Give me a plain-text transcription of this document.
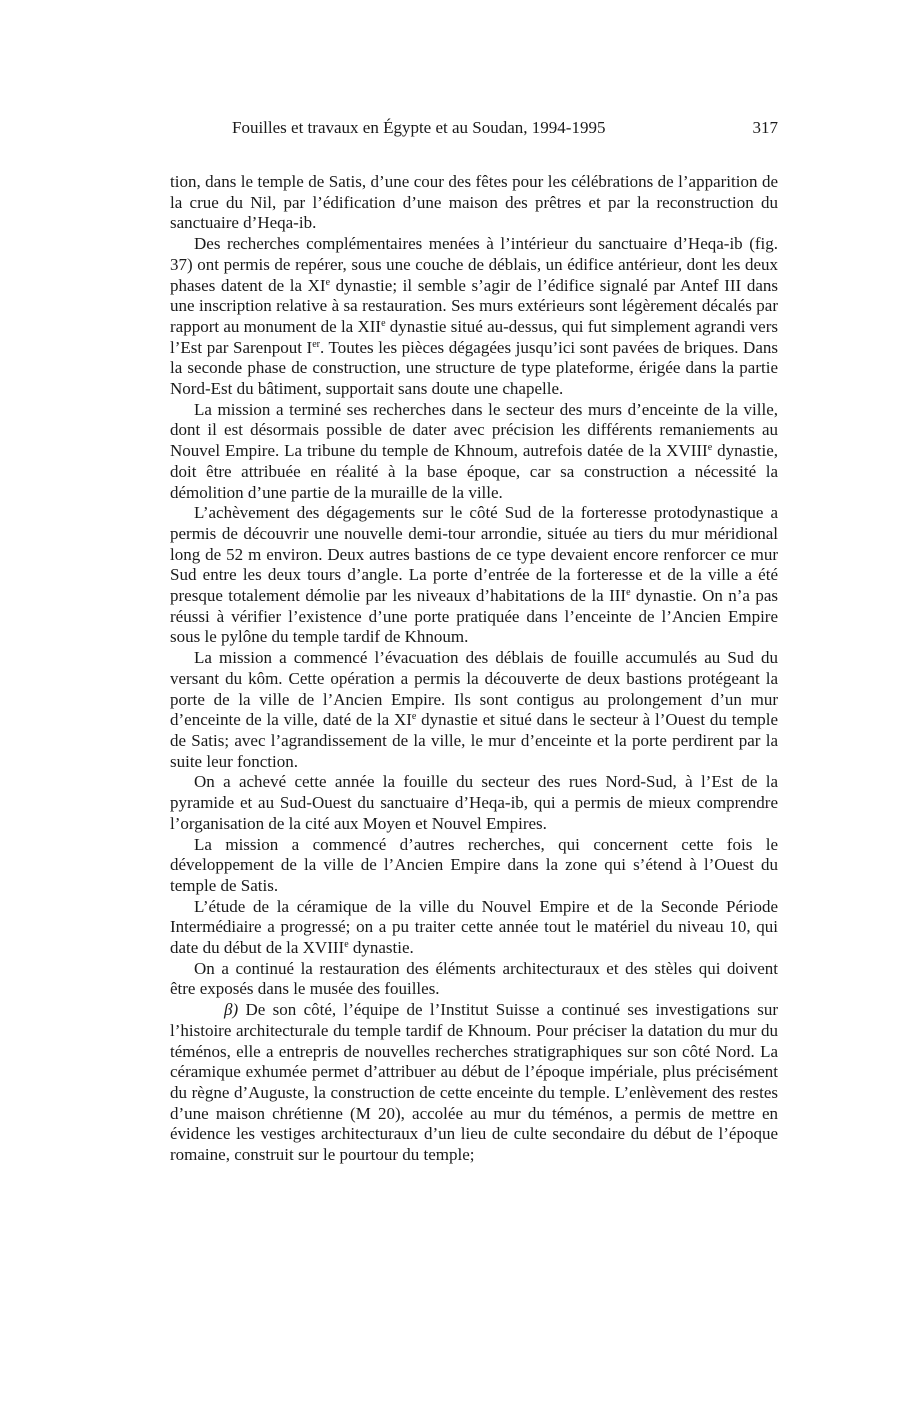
Fouilles et travaux en Égypte et au Soudan, 1994-1995	317

tion, dans le temple de Satis, d’une cour des fêtes pour les célébrations de l’apparition de la crue du Nil, par l’édification d’une maison des prêtres et par la reconstruction du sanctuaire d’Heqa-ib.

Des recherches complémentaires menées à l’intérieur du sanctuaire d’Heqa-ib (fig. 37) ont permis de repérer, sous une couche de déblais, un édifice antérieur, dont les deux phases datent de la XIe dynastie; il semble s’agir de l’édifice signalé par Antef III dans une inscription relative à sa restauration. Ses murs extérieurs sont légèrement décalés par rapport au monument de la XIIe dynastie situé au-dessus, qui fut simplement agrandi vers l’Est par Sarenpout Ier. Toutes les pièces dégagées jusqu’ici sont pavées de briques. Dans la seconde phase de construction, une structure de type plateforme, érigée dans la partie Nord-Est du bâtiment, supportait sans doute une chapelle.

La mission a terminé ses recherches dans le secteur des murs d’enceinte de la ville, dont il est désormais possible de dater avec précision les différents remaniements au Nouvel Empire. La tribune du temple de Khnoum, autrefois datée de la XVIIIe dynastie, doit être attribuée en réalité à la base époque, car sa construction a nécessité la démolition d’une partie de la muraille de la ville.

L’achèvement des dégagements sur le côté Sud de la forteresse protodynastique a permis de découvrir une nouvelle demi-tour arrondie, située au tiers du mur méridional long de 52 m environ. Deux autres bastions de ce type devaient encore renforcer ce mur Sud entre les deux tours d’angle. La porte d’entrée de la forteresse et de la ville a été presque totalement démolie par les niveaux d’habitations de la IIIe dynastie. On n’a pas réussi à vérifier l’existence d’une porte pratiquée dans l’enceinte de l’Ancien Empire sous le pylône du temple tardif de Khnoum.

La mission a commencé l’évacuation des déblais de fouille accumulés au Sud du versant du kôm. Cette opération a permis la découverte de deux bastions protégeant la porte de la ville de l’Ancien Empire. Ils sont contigus au prolongement d’un mur d’enceinte de la ville, daté de la XIe dynastie et situé dans le secteur à l’Ouest du temple de Satis; avec l’agrandissement de la ville, le mur d’enceinte et la porte perdirent par la suite leur fonction.

On a achevé cette année la fouille du secteur des rues Nord-Sud, à l’Est de la pyramide et au Sud-Ouest du sanctuaire d’Heqa-ib, qui a permis de mieux comprendre l’organisation de la cité aux Moyen et Nouvel Empires.

La mission a commencé d’autres recherches, qui concernent cette fois le développement de la ville de l’Ancien Empire dans la zone qui s’étend à l’Ouest du temple de Satis.

L’étude de la céramique de la ville du Nouvel Empire et de la Seconde Période Intermédiaire a progressé; on a pu traiter cette année tout le matériel du niveau 10, qui date du début de la XVIIIe dynastie.

On a continué la restauration des éléments architecturaux et des stèles qui doivent être exposés dans le musée des fouilles.

β) De son côté, l’équipe de l’Institut Suisse a continué ses investigations sur l’histoire architecturale du temple tardif de Khnoum. Pour préciser la datation du mur du téménos, elle a entrepris de nouvelles recherches stratigraphiques sur son côté Nord. La céramique exhumée permet d’attribuer au début de l’époque impériale, plus précisément du règne d’Auguste, la construction de cette enceinte du temple. L’enlèvement des restes d’une maison chrétienne (M 20), accolée au mur du téménos, a permis de mettre en évidence les vestiges architecturaux d’un lieu de culte secondaire du début de l’époque romaine, construit sur le pourtour du temple;
